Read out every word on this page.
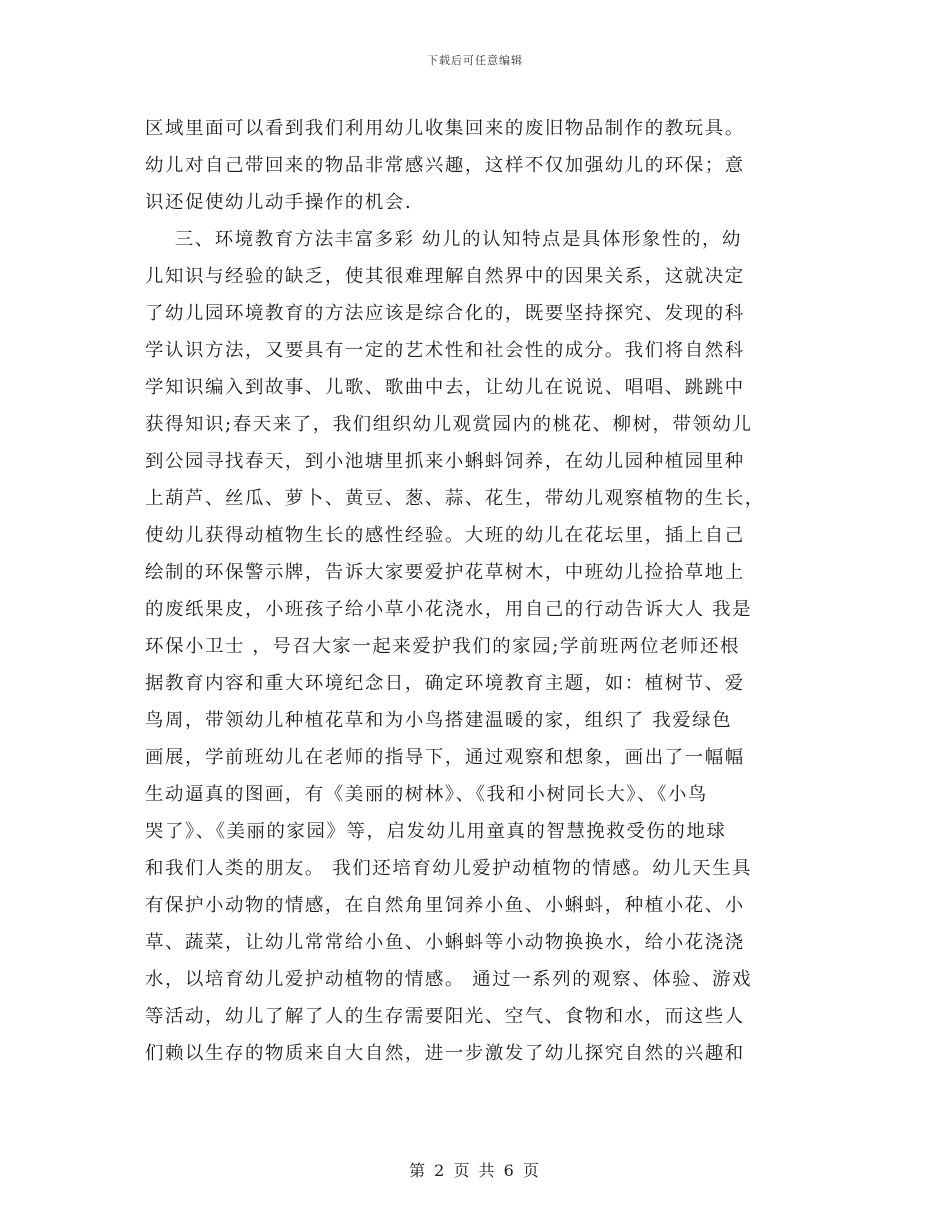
下载后可任意编辑
区域里面可以看到我们利用幼儿收集回来的废旧物品制作的教玩具。
幼儿对自己带回来的物品非常感兴趣，这样不仅加强幼儿的环保；意
识还促使幼儿动手操作的机会.
三、环境教育方法丰富多彩 幼儿的认知特点是具体形象性的，幼
儿知识与经验的缺乏，使其很难理解自然界中的因果关系，这就决定
了幼儿园环境教育的方法应该是综合化的，既要坚持探究、发现的科
学认识方法，又要具有一定的艺术性和社会性的成分。我们将自然科
学知识编入到故事、儿歌、歌曲中去，让幼儿在说说、唱唱、跳跳中
获得知识;春天来了，我们组织幼儿观赏园内的桃花、柳树，带领幼儿
到公园寻找春天，到小池塘里抓来小蝌蚪饲养，在幼儿园种植园里种
上葫芦、丝瓜、萝卜、黄豆、葱、蒜、花生，带幼儿观察植物的生长，
使幼儿获得动植物生长的感性经验。大班的幼儿在花坛里，插上自己
绘制的环保警示牌，告诉大家要爱护花草树木，中班幼儿捡拾草地上
的废纸果皮，小班孩子给小草小花浇水，用自己的行动告诉大人 我是
环保小卫士 ，号召大家一起来爱护我们的家园;学前班两位老师还根
据教育内容和重大环境纪念日，确定环境教育主题，如：植树节、爱
鸟周，带领幼儿种植花草和为小鸟搭建温暖的家，组织了 我爱绿色
画展，学前班幼儿在老师的指导下，通过观察和想象，画出了一幅幅
生动逼真的图画，有《美丽的树林》、《我和小树同长大》、《小鸟
哭了》、《美丽的家园》等，启发幼儿用童真的智慧挽救受伤的地球
和我们人类的朋友。 我们还培育幼儿爱护动植物的情感。幼儿天生具
有保护小动物的情感，在自然角里饲养小鱼、小蝌蚪，种植小花、小
草、蔬菜，让幼儿常常给小鱼、小蝌蚪等小动物换换水，给小花浇浇
水，以培育幼儿爱护动植物的情感。 通过一系列的观察、体验、游戏
等活动，幼儿了解了人的生存需要阳光、空气、食物和水，而这些人
们赖以生存的物质来自大自然，进一步激发了幼儿探究自然的兴趣和
第 2 页 共 6 页
